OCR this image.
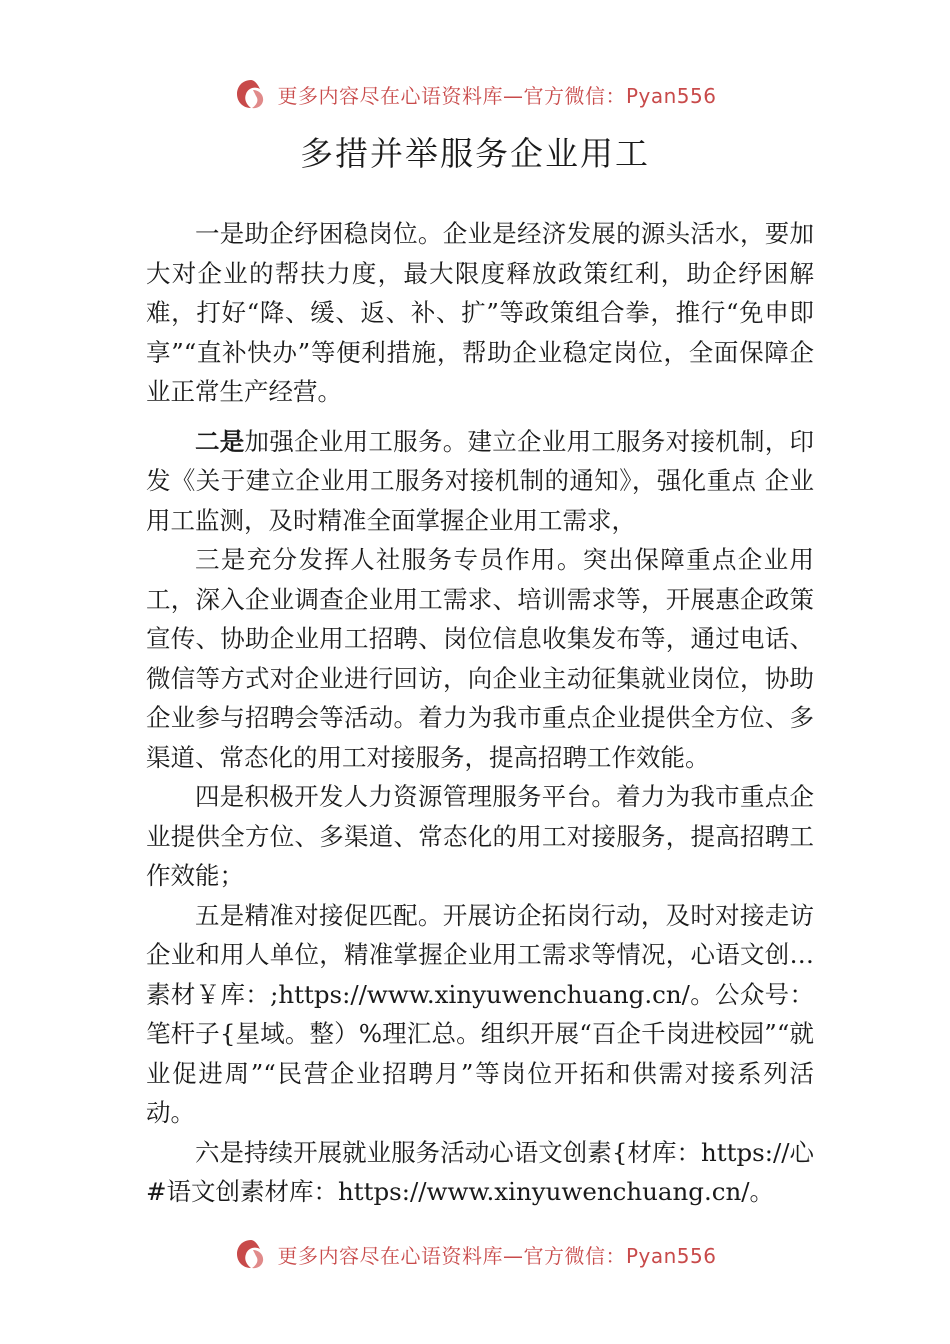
更多内容尽在心语资料库—官方微信：Pyan556
多措并举服务企业用工

一是助企纾困稳岗位。企业是经济发展的源头活水，要加大对企业的帮扶力度，最大限度释放政策红利，助企纾困解难，打好“降、缓、返、补、扩”等政策组合拳，推行“免申即享”“直补快办”等便利措施，帮助企业稳定岗位，全面保障企业正常生产经营。

二是加强企业用工服务。建立企业用工服务对接机制，印发《关于建立企业用工服务对接机制的通知》，强化重点 企业用工监测，及时精准全面掌握企业用工需求，

三是充分发挥人社服务专员作用。突出保障重点企业用工，深入企业调查企业用工需求、培训需求等，开展惠企政策宣传、协助企业用工招聘、岗位信息收集发布等，通过电话、微信等方式对企业进行回访，向企业主动征集就业岗位，协助企业参与招聘会等活动。着力为我市重点企业提供全方位、多渠道、常态化的用工对接服务，提高招聘工作效能。

四是积极开发人力资源管理服务平台。着力为我市重点企业提供全方位、多渠道、常态化的用工对接服务，提高招聘工作效能；

五是精准对接促匹配。开展访企拓岗行动，及时对接走访企业和用人单位，精准掌握企业用工需求等情况，心语文创…素材￥库：;https://www.xinyuwenchuang.cn/。公众号：笔杆子{星域。整）%理汇总。组织开展“百企千岗进校园”“就业促进周”“民营企业招聘月”等岗位开拓和供需对接系列活动。

六是持续开展就业服务活动心语文创素{材库：https://心#语文创素材库：https://www.xinyuwenchuang.cn/。

更多内容尽在心语资料库—官方微信：Pyan556
